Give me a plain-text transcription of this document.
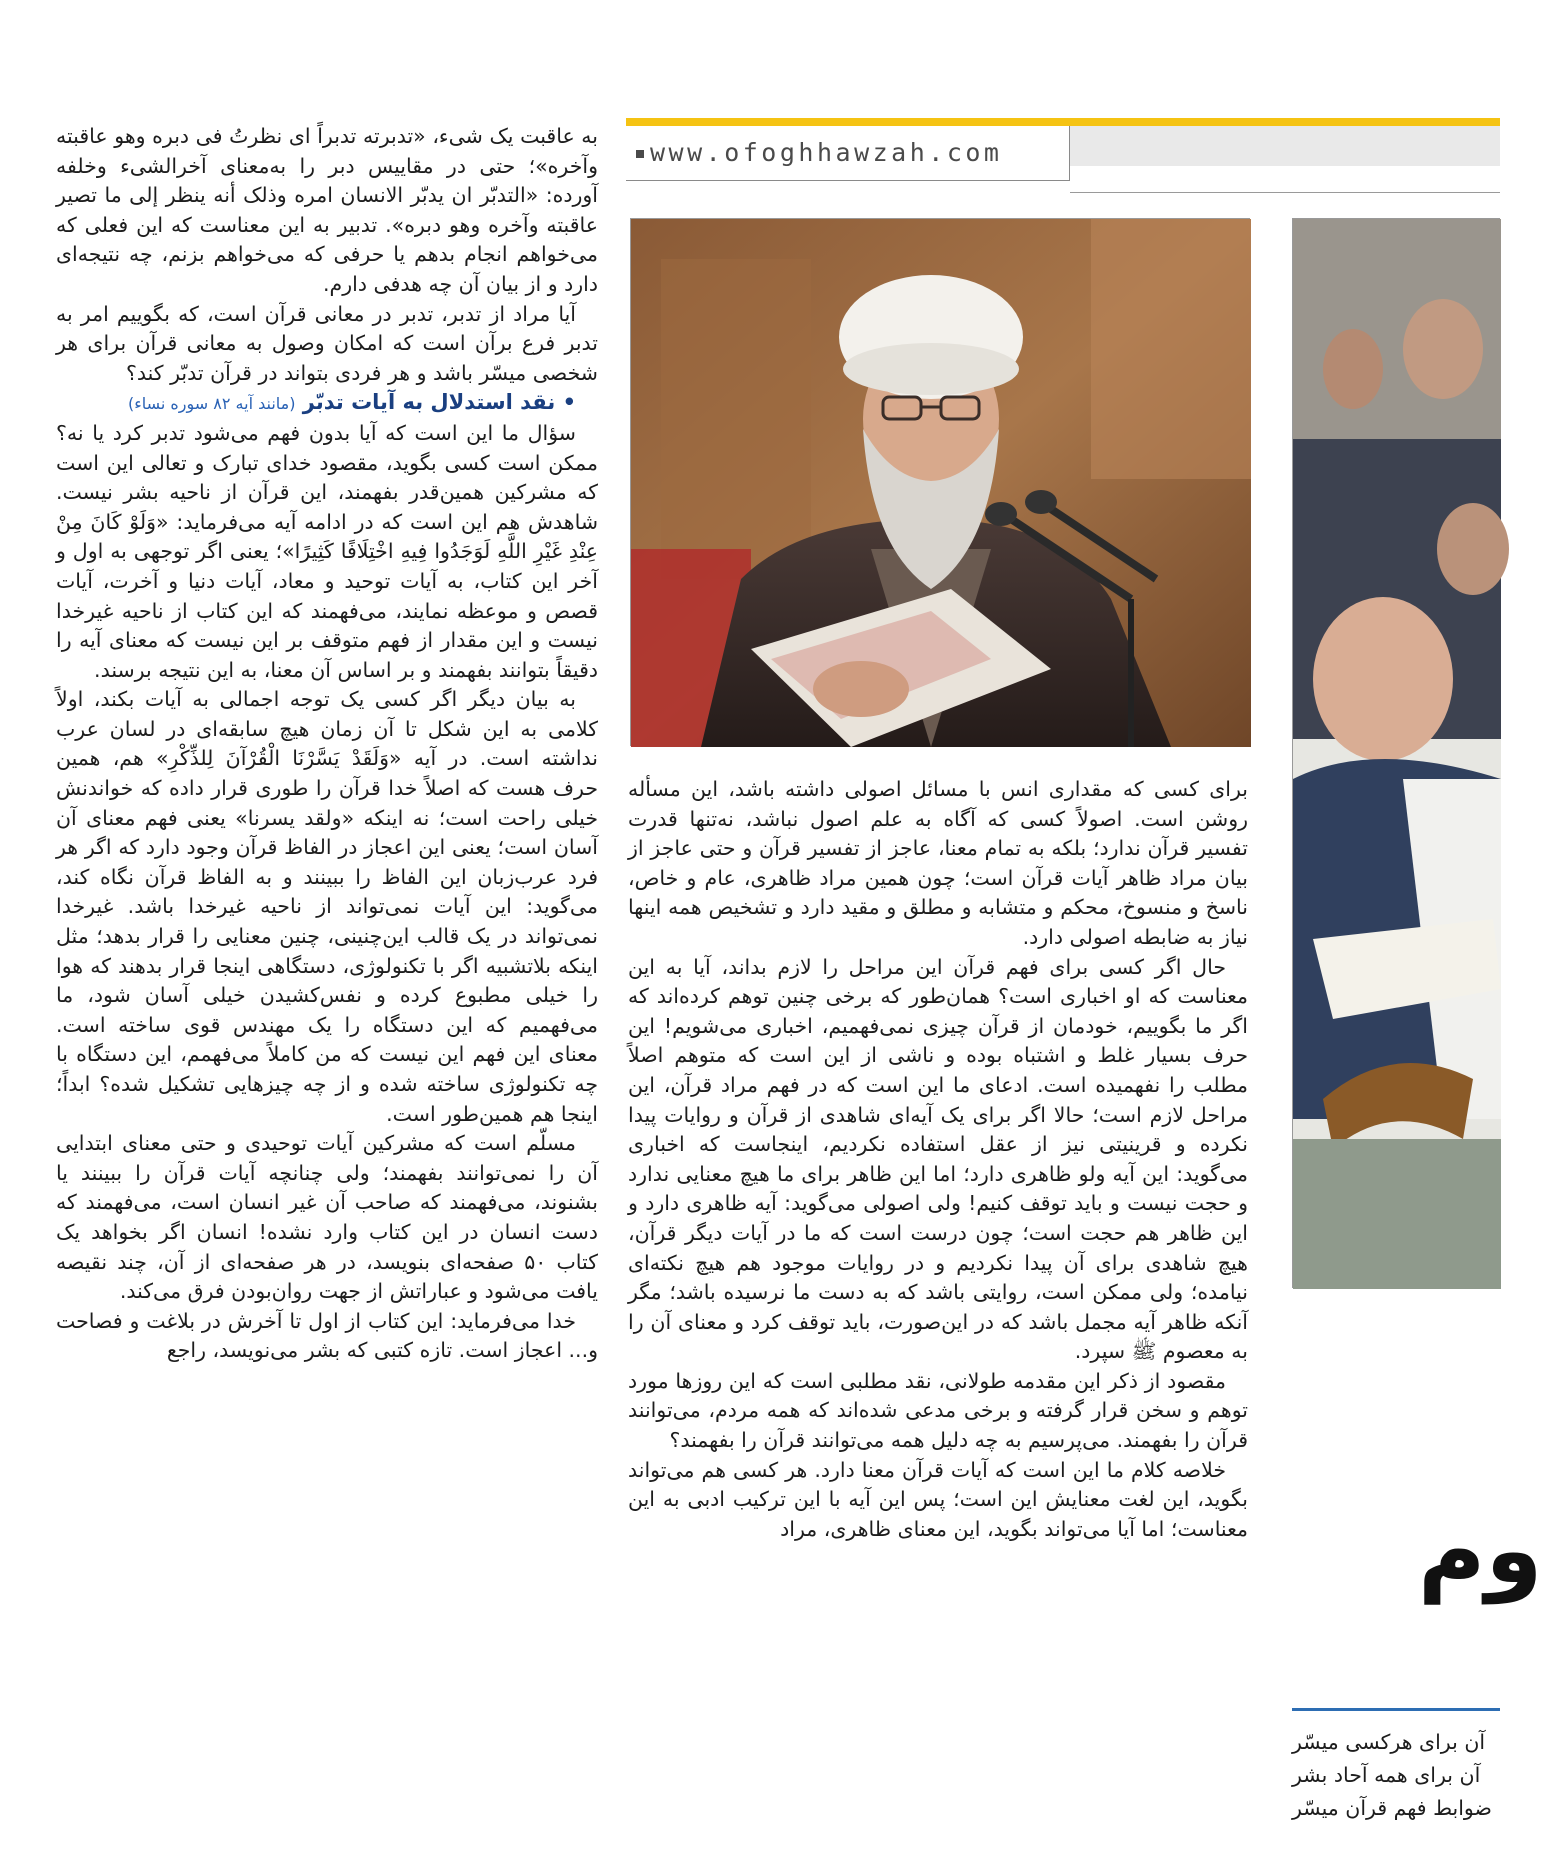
www.ofoghhawzah.com

به عاقبت یک شیء، «تدبرته تدبراً ای نظرتُ فی دبره وهو عاقبته وآخره»؛ حتی در مقاییس دبر را به‌معنای آخرالشیء وخلفه آورده: «التدبّر ان یدبّر الانسان امره وذلک أنه ینظر إلی ما تصیر عاقبته وآخره وهو دبره». تدبیر به این معناست که این فعلی که می‌خواهم انجام بدهم یا حرفی که می‌خواهم بزنم، چه نتیجه‌ای دارد و از بیان آن چه هدفی دارم.

آیا مراد از تدبر، تدبر در معانی قرآن است، که بگوییم امر به تدبر فرع برآن است که امکان وصول به معانی قرآن برای هر شخصی میسّر باشد و هر فردی بتواند در قرآن تدبّر کند؟

• نقد استدلال به آیات تدبّر (مانند آیه ۸۲ سوره نساء)

سؤال ما این است که آیا بدون فهم می‌شود تدبر کرد یا نه؟ ممکن است کسی بگوید، مقصود خدای تبارک و تعالی این است که مشرکین همین‌قدر بفهمند، این قرآن از ناحیه بشر نیست. شاهدش هم این است که در ادامه آیه می‌فرماید: «وَلَوْ کَانَ مِنْ عِنْدِ غَیْرِ اللَّهِ لَوَجَدُوا فِیهِ اخْتِلَافًا کَثِیرًا»؛ یعنی اگر توجهی به اول و آخر این کتاب، به آیات توحید و معاد، آیات دنیا و آخرت، آیات قصص و موعظه نمایند، می‌فهمند که این کتاب از ناحیه غیرخدا نیست و این مقدار از فهم متوقف بر این نیست که معنای آیه را دقیقاً بتوانند بفهمند و بر اساس آن معنا، به این نتیجه برسند.

به بیان دیگر اگر کسی یک توجه اجمالی به آیات بکند، اولاً کلامی به این شکل تا آن زمان هیچ سابقه‌ای در لسان عرب نداشته است. در آیه «وَلَقَدْ یَسَّرْنَا الْقُرْآنَ لِلذِّکْرِ» هم، همین حرف هست که اصلاً خدا قرآن را طوری قرار داده که خواندنش خیلی راحت است؛ نه اینکه «ولقد یسرنا» یعنی فهم معنای آن آسان است؛ یعنی این اعجاز در الفاظ قرآن وجود دارد که اگر هر فرد عرب‌زبان این الفاظ را ببینند و به الفاظ قرآن نگاه کند، می‌گوید: این آیات نمی‌تواند از ناحیه غیرخدا باشد. غیرخدا نمی‌تواند در یک قالب این‌چنینی، چنین معنایی را قرار بدهد؛ مثل اینکه بلاتشبیه اگر با تکنولوژی، دستگاهی اینجا قرار بدهند که هوا را خیلی مطبوع کرده و نفس‌کشیدن خیلی آسان شود، ما می‌فهمیم که این دستگاه را یک مهندس قوی ساخته است. معنای این فهم این نیست که من کاملاً می‌فهمم، این دستگاه با چه تکنولوژی ساخته شده و از چه چیزهایی تشکیل شده؟ ابداً؛ اینجا هم همین‌طور است.

مسلّم است که مشرکین آیات توحیدی و حتی معنای ابتدایی آن را نمی‌توانند بفهمند؛ ولی چنانچه آیات قرآن را ببینند یا بشنوند، می‌فهمند که صاحب آن غیر انسان است، می‌فهمند که دست انسان در این کتاب وارد نشده! انسان اگر بخواهد یک کتاب ۵۰ صفحه‌ای بنویسد، در هر صفحه‌ای از آن، چند نقیصه یافت می‌شود و عباراتش از جهت روان‌بودن فرق می‌کند.

خدا می‌فرماید: این کتاب از اول تا آخرش در بلاغت و فصاحت و... اعجاز است. تازه کتبی که بشر می‌نویسد، راجع

برای کسی که مقداری انس با مسائل اصولی داشته باشد، این مسأله روشن است. اصولاً کسی که آگاه به علم اصول نباشد، نه‌تنها قدرت تفسیر قرآن ندارد؛ بلکه به تمام معنا، عاجز از تفسیر قرآن و حتی عاجز از بیان مراد ظاهر آیات قرآن است؛ چون همین مراد ظاهری، عام و خاص، ناسخ و منسوخ، محکم و متشابه و مطلق و مقید دارد و تشخیص همه اینها نیاز به ضابطه اصولی دارد.

حال اگر کسی برای فهم قرآن این مراحل را لازم بداند، آیا به این معناست که او اخباری است؟ همان‌طور که برخی چنین توهم کرده‌اند که اگر ما بگوییم، خودمان از قرآن چیزی نمی‌فهمیم، اخباری می‌شویم! این حرف بسیار غلط و اشتباه بوده و ناشی از این است که متوهم اصلاً مطلب را نفهمیده است. ادعای ما این است که در فهم مراد قرآن، این مراحل لازم است؛ حالا اگر برای یک آیه‌ای شاهدی از قرآن و روایات پیدا نکرده و قرینیتی نیز از عقل استفاده نکردیم، اینجاست که اخباری می‌گوید: این آیه ولو ظاهری دارد؛ اما این ظاهر برای ما هیچ معنایی ندارد و حجت نیست و باید توقف کنیم! ولی اصولی می‌گوید: آیه ظاهری دارد و این ظاهر هم حجت است؛ چون درست است که ما در آیات دیگر قرآن، هیچ شاهدی برای آن پیدا نکردیم و در روایات موجود هم هیچ نکته‌ای نیامده؛ ولی ممکن است، روایتی باشد که به دست ما نرسیده باشد؛ مگر آنکه ظاهر آیه مجمل باشد که در این‌صورت، باید توقف کرد و معنای آن را به معصوم ﷺ سپرد.

مقصود از ذکر این مقدمه طولانی، نقد مطلبی است که این روزها مورد توهم و سخن قرار گرفته و برخی مدعی شده‌اند که همه مردم، می‌توانند قرآن را بفهمند. می‌پرسیم به چه دلیل همه می‌توانند قرآن را بفهمند؟

خلاصه کلام ما این است که آیات قرآن معنا دارد. هر کسی هم می‌تواند بگوید، این لغت معنایش این است؛ پس این آیه با این ترکیب ادبی به این معناست؛ اما آیا می‌تواند بگوید، این معنای ظاهری، مراد وم

آن برای هرکسی میسّر

آن برای همه آحاد بشر

ضوابط فهم قرآن میسّر
